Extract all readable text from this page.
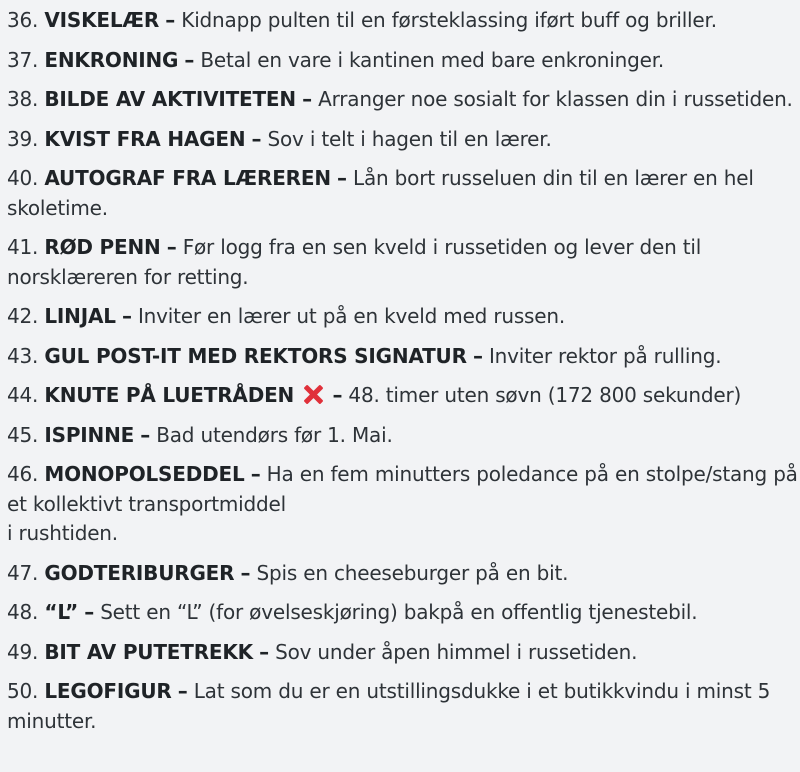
36. VISKELÆR – Kidnapp pulten til en førsteklassing iført buff og briller.
37. ENKRONING – Betal en vare i kantinen med bare enkroninger.
38. BILDE AV AKTIVITETEN – Arranger noe sosialt for klassen din i russetiden.
39. KVIST FRA HAGEN – Sov i telt i hagen til en lærer.
40. AUTOGRAF FRA LÆREREN – Lån bort russeluen din til en lærer en hel skoletime.
41. RØD PENN – Før logg fra en sen kveld i russetiden og lever den til norsklæreren for retting.
42. LINJAL – Inviter en lærer ut på en kveld med russen.
43. GUL POST-IT MED REKTORS SIGNATUR – Inviter rektor på rulling.
44. KNUTE PÅ LUETRÅDEN – 48. timer uten søvn (172 800 sekunder)
45. ISPINNE – Bad utendørs før 1. Mai.
46. MONOPOLSEDDEL – Ha en fem minutters poledance på en stolpe/stang på et kollektivt transportmiddel
i rushtiden.
47. GODTERIBURGER – Spis en cheeseburger på en bit.
48. “L” – Sett en “L” (for øvelseskjøring) bakpå en offentlig tjenestebil.
49. BIT AV PUTETREKK – Sov under åpen himmel i russetiden.
50. LEGOFIGUR – Lat som du er en utstillingsdukke i et butikkvindu i minst 5 minutter.
